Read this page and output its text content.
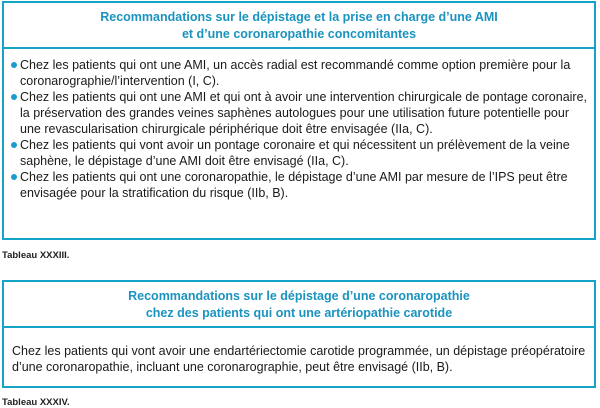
Recommandations sur le dépistage et la prise en charge d’une AMI
et d’une coronaropathie concomitantes
Chez les patients qui ont une AMI, un accès radial est recommandé comme option première pour la coronarographie/l’intervention (I, C).
Chez les patients qui ont une AMI et qui ont à avoir une intervention chirurgicale de pontage coronaire, la préservation des grandes veines saphènes autologues pour une utilisation future potentielle pour une revascularisation chirurgicale périphérique doit être envisagée (IIa, C).
Chez les patients qui vont avoir un pontage coronaire et qui nécessitent un prélèvement de la veine saphène, le dépistage d’une AMI doit être envisagé (IIa, C).
Chez les patients qui ont une coronaropathie, le dépistage d’une AMI par mesure de l’IPS peut être envisagée pour la stratification du risque (IIb, B).
Tableau XXXIII.
Recommandations sur le dépistage d’une coronaropathie
chez des patients qui ont une artériopathie carotide
Chez les patients qui vont avoir une endartériectomie carotide programmée, un dépistage préopératoire d’une coronaropathie, incluant une coronarographie, peut être envisagé (IIb, B).
Tableau XXXIV.
